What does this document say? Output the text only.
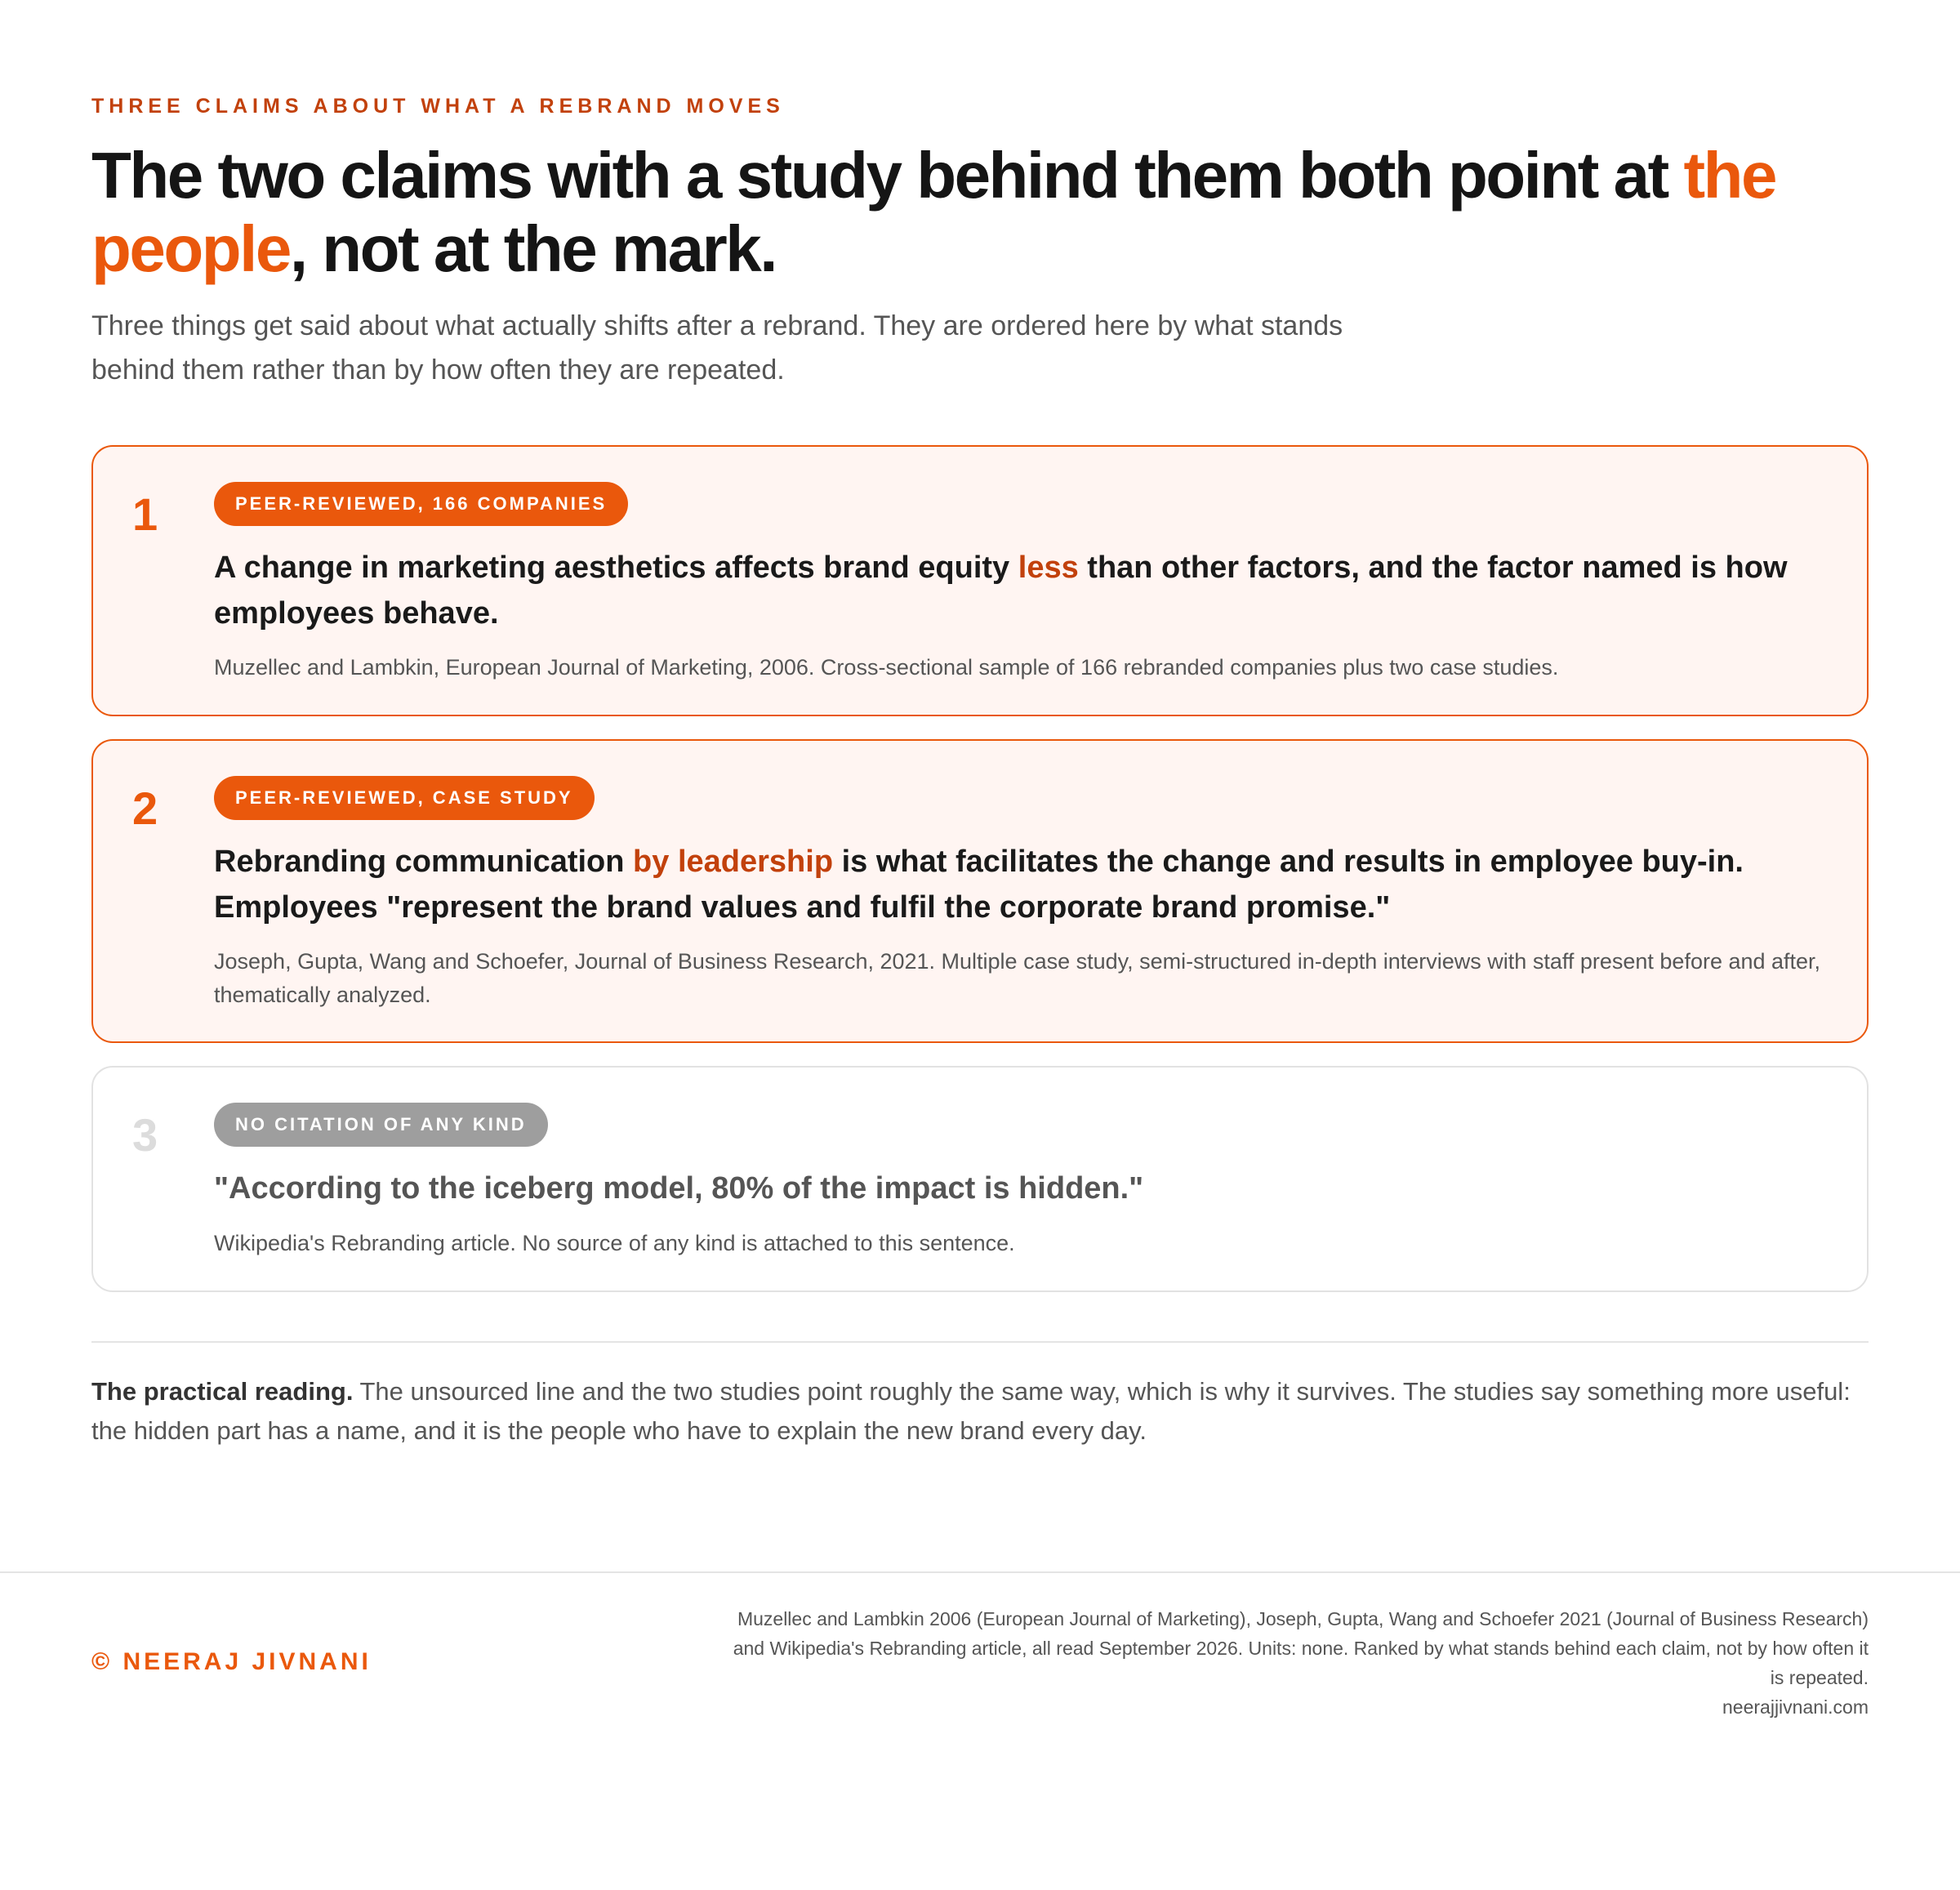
THREE CLAIMS ABOUT WHAT A REBRAND MOVES
The two claims with a study behind them both point at the people, not at the mark.

Three things get said about what actually shifts after a rebrand. They are ordered here by what stands behind them rather than by how often they are repeated.

1	PEER-REVIEWED, 166 COMPANIES
A change in marketing aesthetics affects brand equity less than other factors, and the factor named is how employees behave.
Muzellec and Lambkin, European Journal of Marketing, 2006. Cross-sectional sample of 166 rebranded companies plus two case studies.
2	PEER-REVIEWED, CASE STUDY
Rebranding communication by leadership is what facilitates the change and results in employee buy-in. Employees "represent the brand values and fulfil the corporate brand promise."
Joseph, Gupta, Wang and Schoefer, Journal of Business Research, 2021. Multiple case study, semi-structured in-depth interviews with staff present before and after, thematically analyzed.
3	NO CITATION OF ANY KIND
"According to the iceberg model, 80% of the impact is hidden."
Wikipedia's Rebranding article. No source of any kind is attached to this sentence.

The practical reading. The unsourced line and the two studies point roughly the same way, which is why it survives. The studies say something more useful: the hidden part has a name, and it is the people who have to explain the new brand every day.

© NEERAJ JIVNANI
Muzellec and Lambkin 2006 (European Journal of Marketing), Joseph, Gupta, Wang and Schoefer 2021 (Journal of Business Research) and Wikipedia's Rebranding article, all read September 2026. Units: none. Ranked by what stands behind each claim, not by how often it is repeated.
neerajjivnani.com
